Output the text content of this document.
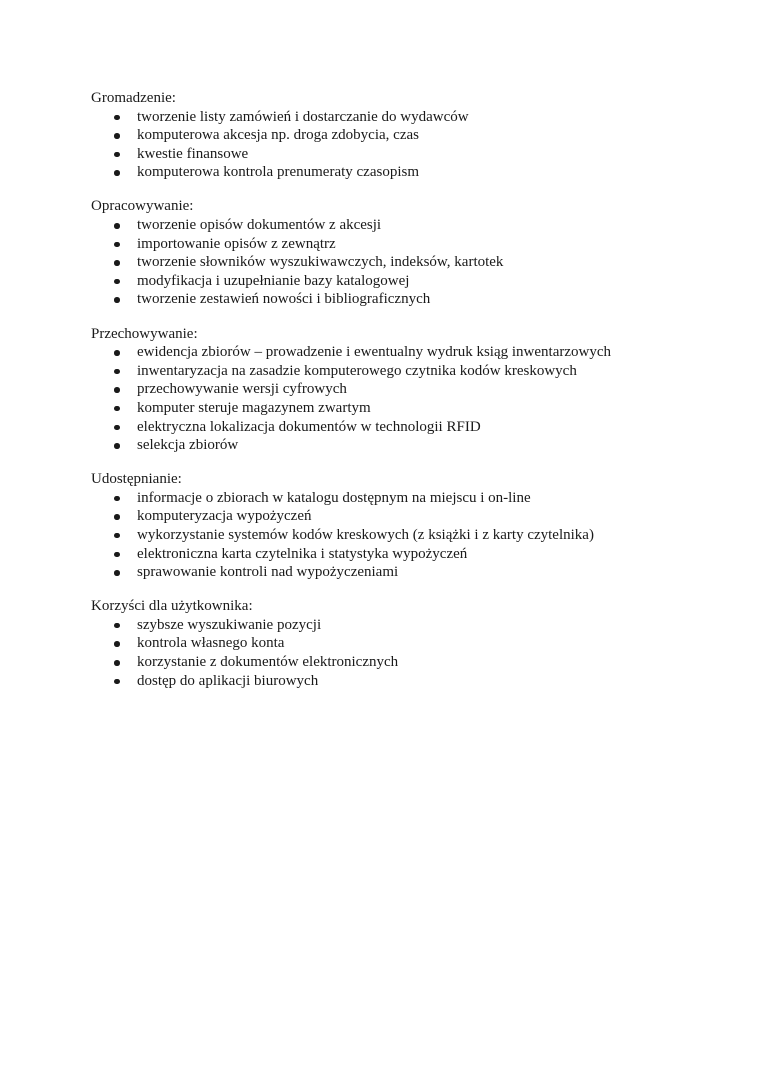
Gromadzenie:
tworzenie listy zamówień i dostarczanie do wydawców
komputerowa akcesja np. droga zdobycia, czas
kwestie finansowe
komputerowa kontrola prenumeraty czasopism
Opracowywanie:
tworzenie opisów dokumentów z akcesji
importowanie opisów z zewnątrz
tworzenie słowników wyszukiwawczych, indeksów, kartotek
modyfikacja i uzupełnianie bazy katalogowej
tworzenie zestawień nowości i bibliograficznych
Przechowywanie:
ewidencja zbiorów – prowadzenie i ewentualny wydruk ksiąg inwentarzowych
inwentaryzacja na zasadzie komputerowego czytnika kodów kreskowych
przechowywanie wersji cyfrowych
komputer steruje magazynem zwartym
elektryczna lokalizacja dokumentów w technologii RFID
selekcja zbiorów
Udostępnianie:
informacje o zbiorach w katalogu dostępnym na miejscu i on-line
komputeryzacja wypożyczeń
wykorzystanie systemów kodów kreskowych (z książki i z karty czytelnika)
elektroniczna karta czytelnika i statystyka wypożyczeń
sprawowanie kontroli nad wypożyczeniami
Korzyści dla użytkownika:
szybsze wyszukiwanie pozycji
kontrola własnego konta
korzystanie z dokumentów elektronicznych
dostęp do aplikacji biurowych
